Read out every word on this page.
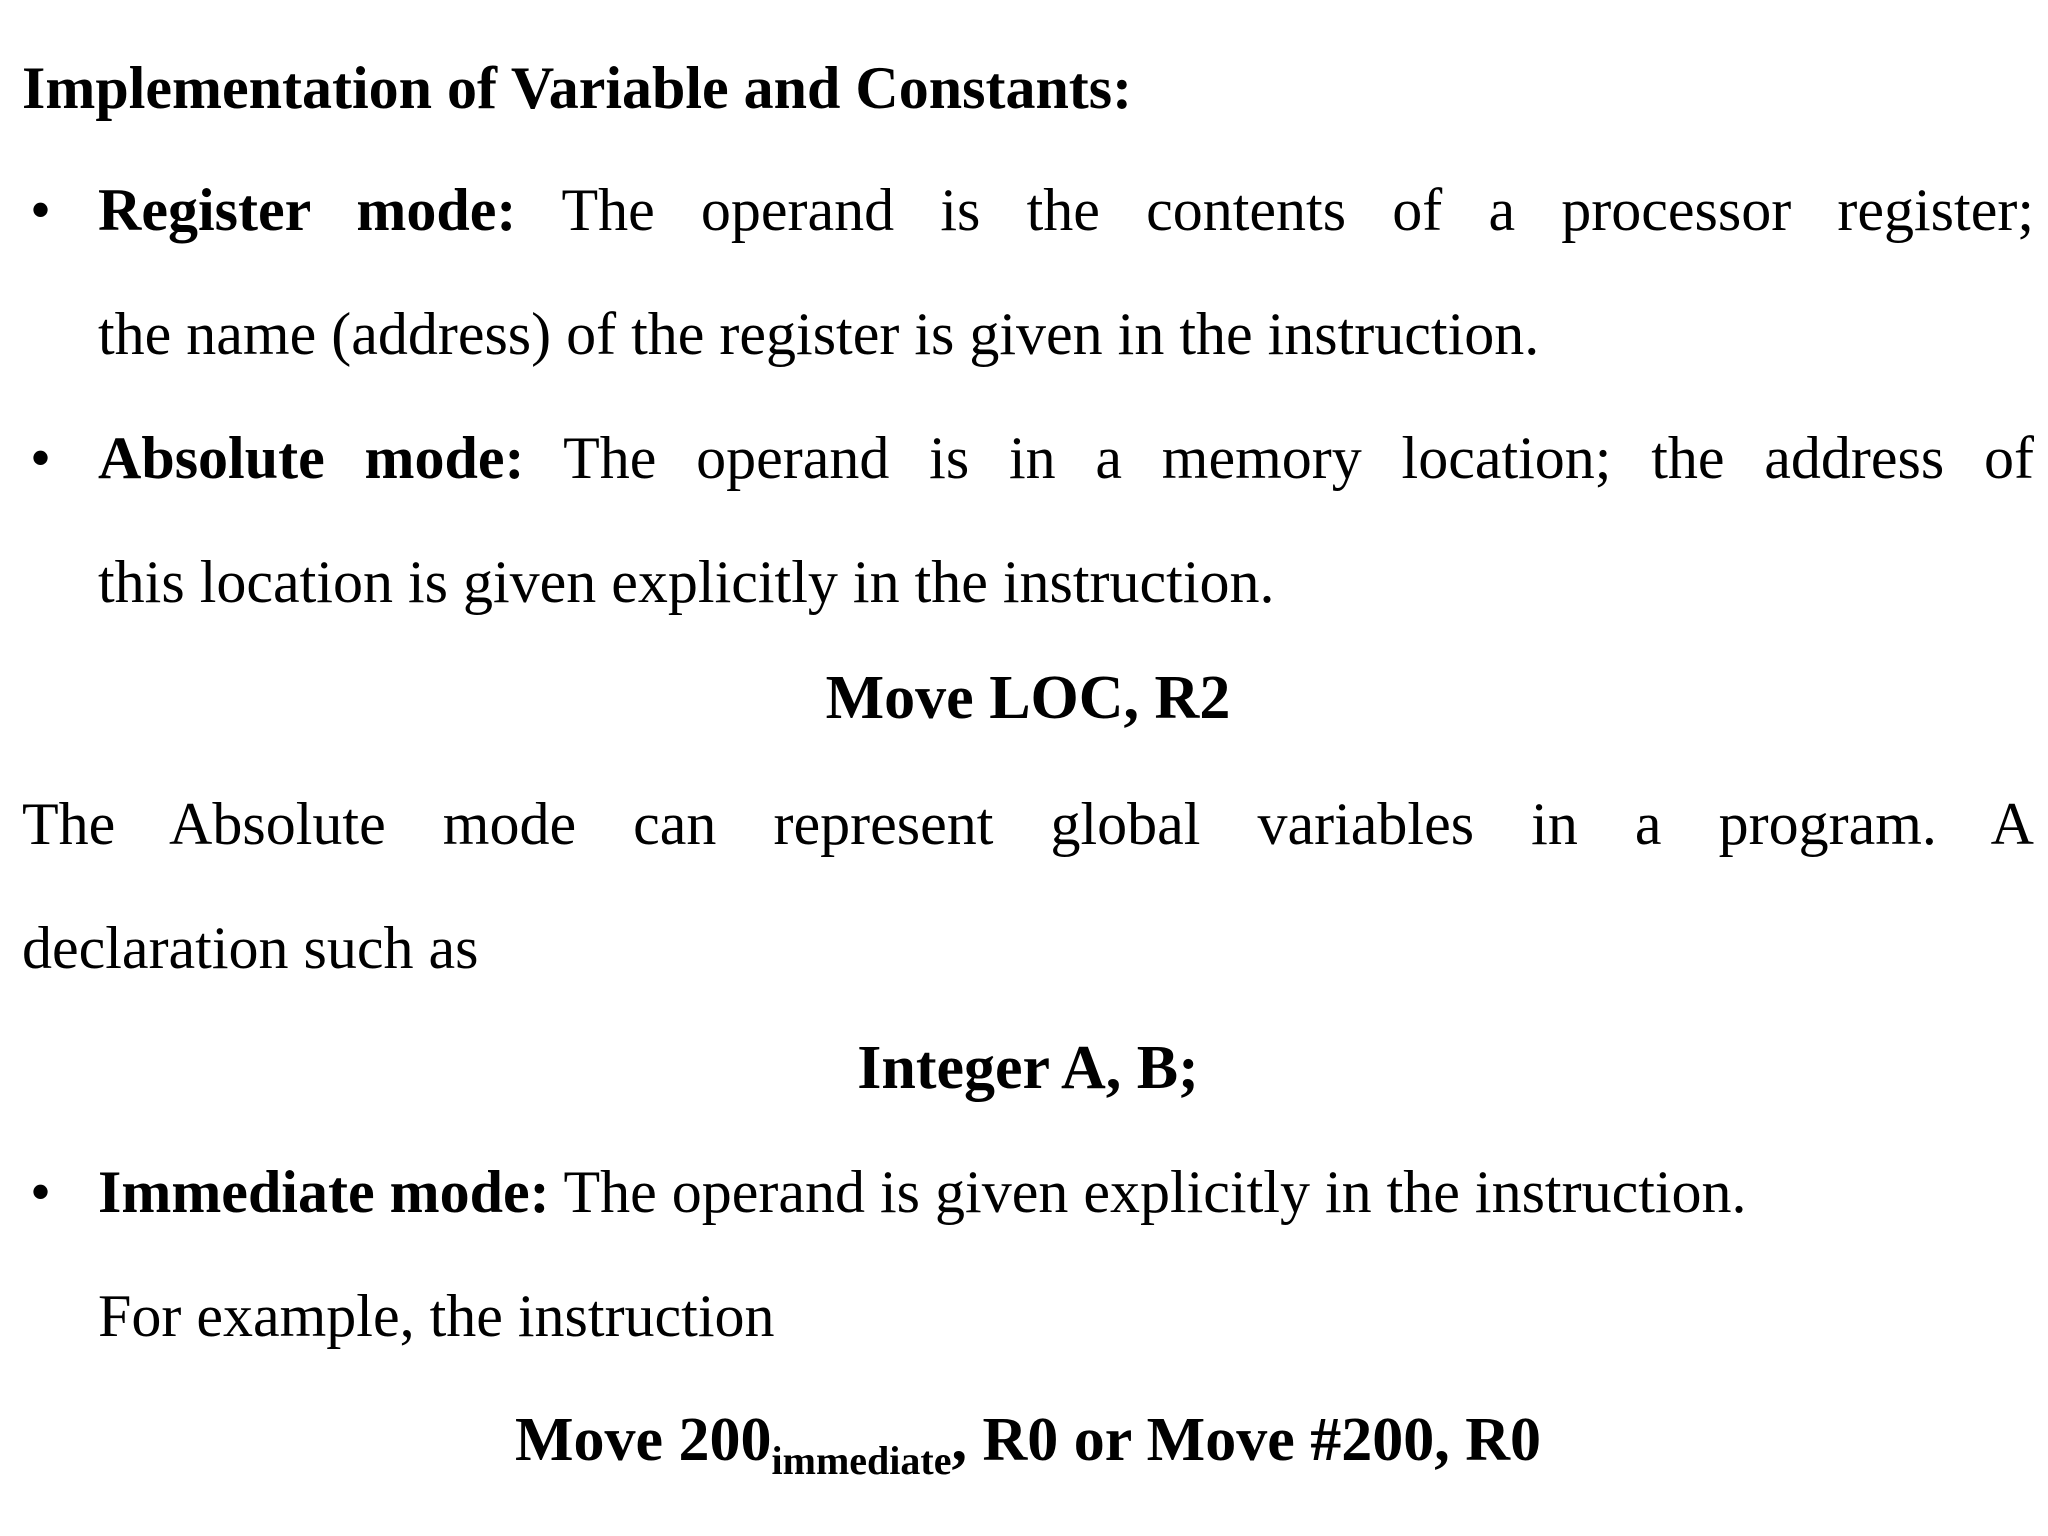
Implementation of Variable and Constants:
• Register mode: The operand is the contents of a processor register;
the name (address) of the register is given in the instruction.
• Absolute mode: The operand is in a memory location; the address of
this location is given explicitly in the instruction.
Move LOC, R2
The Absolute mode can represent global variables in a program. A
declaration such as
Integer A, B;
• Immediate mode: The operand is given explicitly in the instruction.
For example, the instruction
Move $200_{immediate}$, R0 or Move #200, R0
